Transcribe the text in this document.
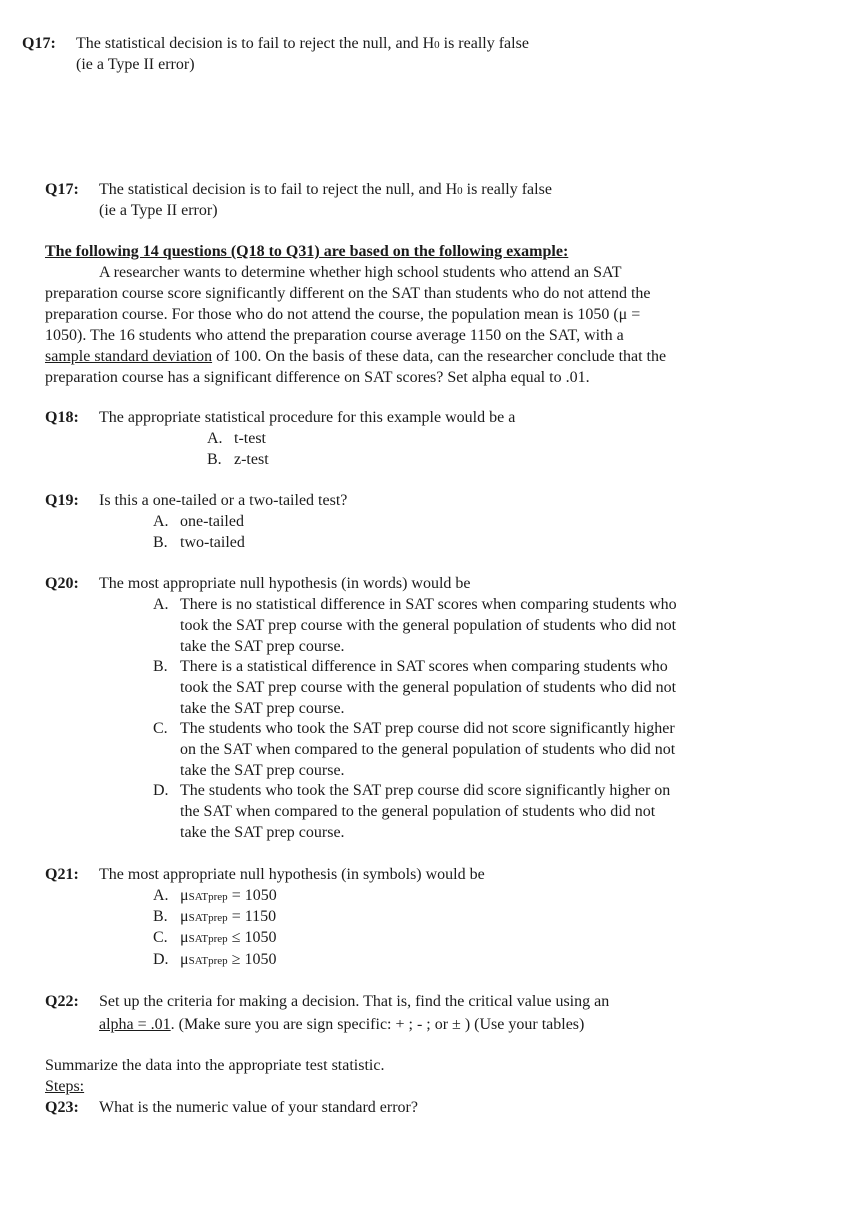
Q17: The statistical decision is to fail to reject the null, and H0 is really false
(ie a Type II error)
Q17: The statistical decision is to fail to reject the null, and H0 is really false
(ie a Type II error)
The following 14 questions (Q18 to Q31) are based on the following example:
A researcher wants to determine whether high school students who attend an SAT
preparation course score significantly different on the SAT than students who do not attend the
preparation course. For those who do not attend the course, the population mean is 1050 (μ =
1050). The 16 students who attend the preparation course average 1150 on the SAT, with a
sample standard deviation of 100. On the basis of these data, can the researcher conclude that the
preparation course has a significant difference on SAT scores? Set alpha equal to .01.
Q18: The appropriate statistical procedure for this example would be a
A. t-test
B. z-test
Q19: Is this a one-tailed or a two-tailed test?
A. one-tailed
B. two-tailed
Q20: The most appropriate null hypothesis (in words) would be
A. There is no statistical difference in SAT scores when comparing students who
took the SAT prep course with the general population of students who did not
take the SAT prep course.
B. There is a statistical difference in SAT scores when comparing students who
took the SAT prep course with the general population of students who did not
take the SAT prep course.
C. The students who took the SAT prep course did not score significantly higher
on the SAT when compared to the general population of students who did not
take the SAT prep course.
D. The students who took the SAT prep course did score significantly higher on
the SAT when compared to the general population of students who did not
take the SAT prep course.
Q21: The most appropriate null hypothesis (in symbols) would be
A. μSATprep = 1050
B. μSATprep = 1150
C. μSATprep ≤ 1050
D. μSATprep ≥ 1050
Q22: Set up the criteria for making a decision. That is, find the critical value using an
alpha = .01. (Make sure you are sign specific: + ; - ; or ± ) (Use your tables)
Summarize the data into the appropriate test statistic.
Steps:
Q23: What is the numeric value of your standard error?
